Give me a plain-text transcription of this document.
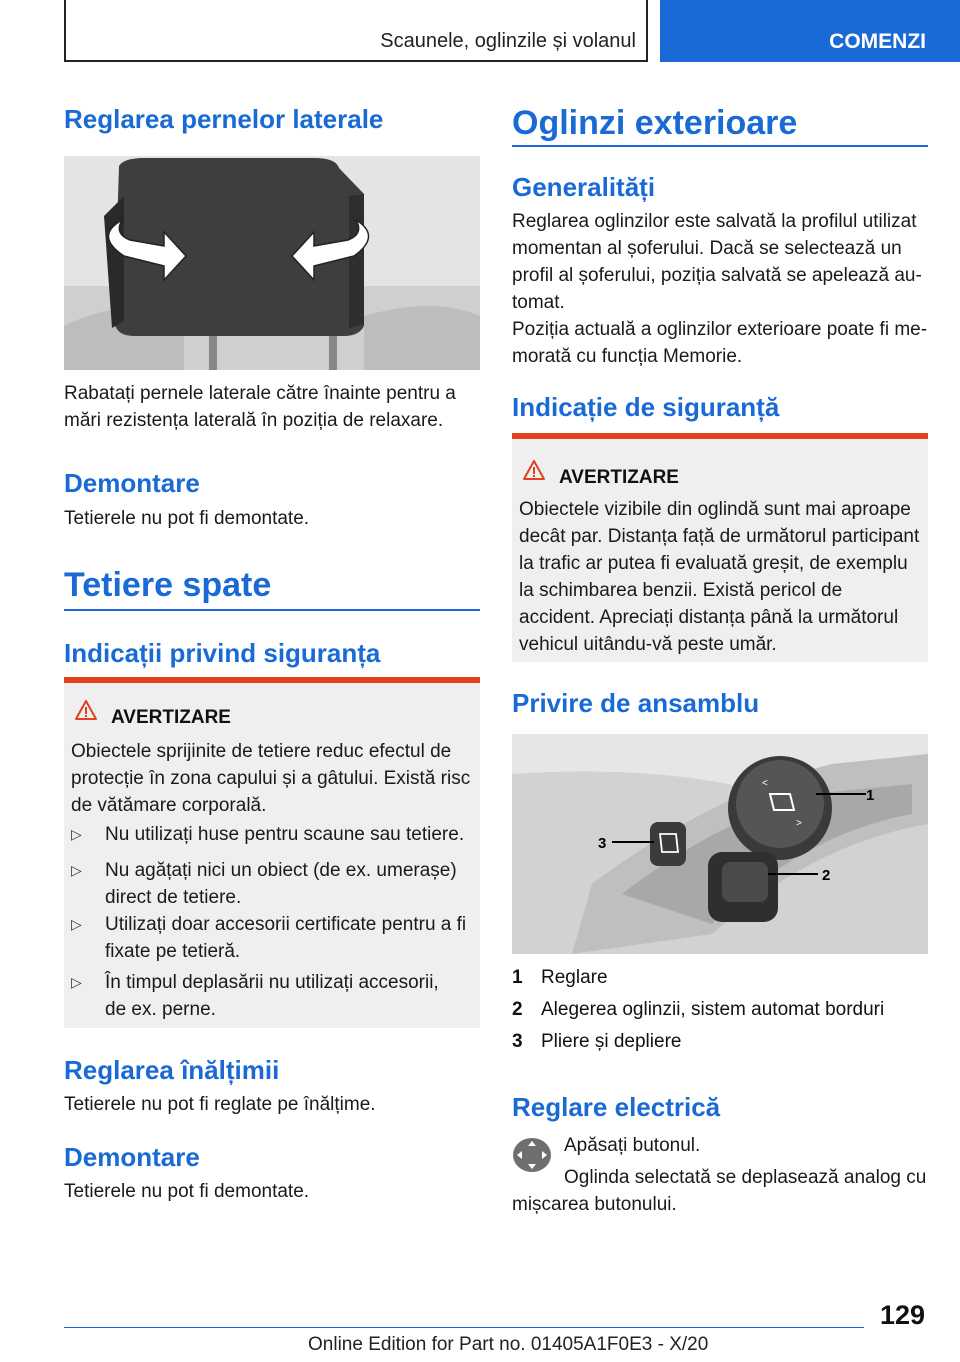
Scaunele, oglinzile și volanul	COMENZI
Reglarea pernelor laterale
Rabatați pernele laterale către înainte pentru a mări rezistența laterală în poziția de relaxare.
Demontare
Tetierele nu pot fi demontate.
Tetiere spate
Indicații privind siguranța
AVERTIZARE
Obiectele sprijinite de tetiere reduc efectul de protecție în zona capului și a gâtului. Există risc de vătămare corporală.
▷ Nu utilizați huse pentru scaune sau tetiere.
▷ Nu agățați nici un obiect (de ex. umerașe) direct de tetiere.
▷ Utilizați doar accesorii certificate pentru a fi fixate pe tetieră.
▷ În timpul deplasării nu utilizați accesorii, de ex. perne.
Reglarea înălțimii
Tetierele nu pot fi reglate pe înălțime.
Demontare
Tetierele nu pot fi demontate.
Oglinzi exterioare
Generalități
Reglarea oglinzilor este salvată la profilul utilizat momentan al șoferului. Dacă se selectează un profil al șoferului, poziția salvată se apelează automat.
Poziția actuală a oglinzilor exterioare poate fi memorată cu funcția Memorie.
Indicație de siguranță
AVERTIZARE
Obiectele vizibile din oglindă sunt mai aproape decât par. Distanța față de următorul participant la trafic ar putea fi evaluată greșit, de exemplu la schimbarea benzii. Există pericol de accident. Apreciați distanța până la următorul vehicul uitându-vă peste umăr.
Privire de ansamblu
<
>
1
2
3
1 Reglare
2 Alegerea oglinzii, sistem automat borduri
3 Pliere și depliere
Reglare electrică
Apăsați butonul.
Oglinda selectată se deplasează analog cu mișcarea butonului.
129
Online Edition for Part no. 01405A1F0E3 - X/20
